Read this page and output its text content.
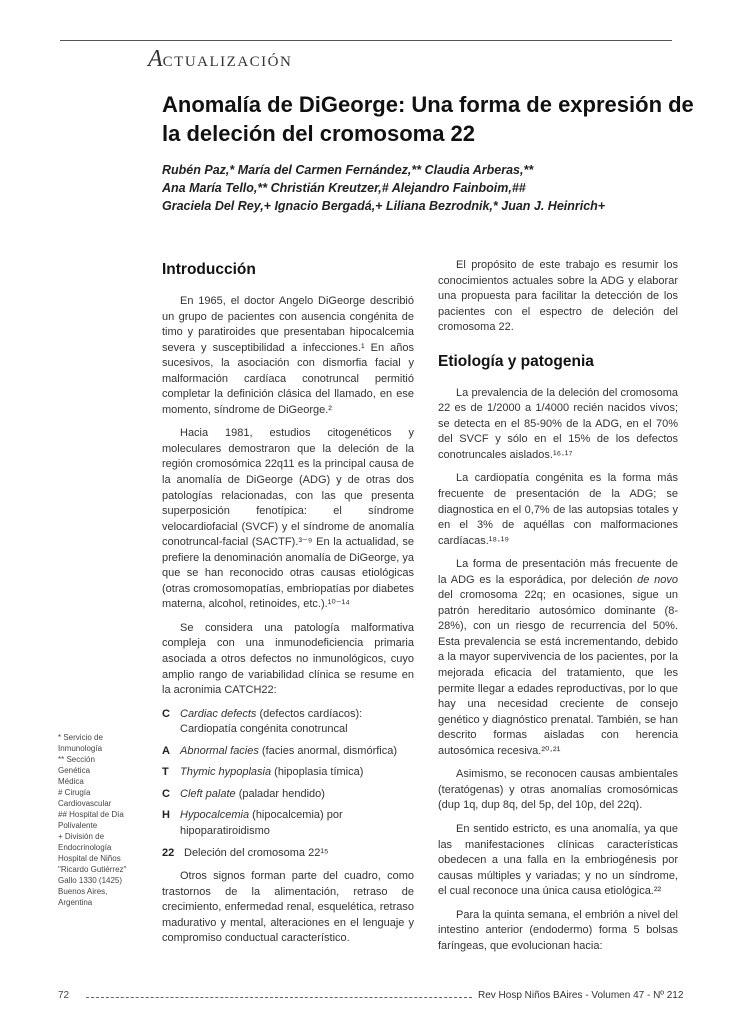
ACTUALIZACIÓN
Anomalía de DiGeorge: Una forma de expresión de la deleción del cromosoma 22
Rubén Paz,* María del Carmen Fernández,** Claudia Arberas,**
Ana María Tello,** Christián Kreutzer,# Alejandro Fainboim,##
Graciela Del Rey,+ Ignacio Bergadá,+ Liliana Bezrodnik,* Juan J. Heinrich+
Introducción

En 1965, el doctor Angelo DiGeorge describió un grupo de pacientes con ausencia congénita de timo y paratiroides que presentaban hipocalcemia severa y susceptibilidad a infecciones.¹ En años sucesivos, la asociación con dismorfia facial y malformación cardíaca conotruncal permitió completar la definición clásica del llamado, en ese momento, síndrome de DiGeorge.²

Hacia 1981, estudios citogenéticos y moleculares demostraron que la deleción de la región cromosómica 22q11 es la principal causa de la anomalía de DiGeorge (ADG) y de otras dos patologías relacionadas, con las que presenta superposición fenotípica: el síndrome velocardiofacial (SVCF) y el síndrome de anomalía conotruncal-facial (SACTF).³⁻⁹ En la actualidad, se prefiere la denominación anomalía de DiGeorge, ya que se han reconocido otras causas etiológicas (otras cromosomopatías, embriopatías por diabetes materna, alcohol, retinoides, etc.).¹⁰⁻¹⁴

Se considera una patología malformativa compleja con una inmunodeficiencia primaria asociada a otros defectos no inmunológicos, cuyo amplio rango de variabilidad clínica se resume en la acronimia CATCH22:

C Cardiac defects (defectos cardíacos): Cardiopatía congénita conotruncal
A Abnormal facies (facies anormal, dismórfica)
T	Thymic hypoplasia (hipoplasia tímica)
C Cleft palate (paladar hendido)
H Hypocalcemia (hipocalcemia) por hipoparatiroidismo
22 Deleción del cromosoma 22¹⁵

Otros signos forman parte del cuadro, como trastornos de la alimentación, retraso de crecimiento, enfermedad renal, esquelética, retraso madurativo y mental, alteraciones en el lenguaje y compromiso conductual característico.

El propósito de este trabajo es resumir los conocimientos actuales sobre la ADG y elaborar una propuesta para facilitar la detección de los pacientes con el espectro de deleción del cromosoma 22.

Etiología y patogenia

La prevalencia de la deleción del cromosoma 22 es de 1/2000 a 1/4000 recién nacidos vivos; se detecta en el 85-90% de la ADG, en el 70% del SVCF y sólo en el 15% de los defectos conotruncales aislados.¹⁶·¹⁷

La cardiopatía congénita es la forma más frecuente de presentación de la ADG; se diagnostica en el 0,7% de las autopsias totales y en el 3% de aquéllas con malformaciones cardíacas.¹⁸·¹⁹

La forma de presentación más frecuente de la ADG es la esporádica, por deleción de novo del cromosoma 22q; en ocasiones, sigue un patrón hereditario autosómico dominante (8-28%), con un riesgo de recurrencia del 50%. Esta prevalencia se está incrementando, debido a la mayor supervivencia de los pacientes, por la mejorada eficacia del tratamiento, que les permite llegar a edades reproductivas, por lo que hay una necesidad creciente de consejo genético y diagnóstico prenatal. También, se han descrito formas aisladas con herencia autosómica recesiva.²⁰·²¹

Asimismo, se reconocen causas ambientales (teratógenas) y otras anomalías cromosómicas (dup 1q, dup 8q, del 5p, del 10p, del 22q).

En sentido estricto, es una anomalía, ya que las manifestaciones clínicas características obedecen a una falla en la embriogénesis por causas múltiples y variadas; y no un síndrome, el cual reconoce una única causa etiológica.²²

Para la quinta semana, el embrión a nivel del intestino anterior (endodermo) forma 5 bolsas faríngeas, que evolucionan hacia:

* Servicio de
Inmunología
** Sección
Genética
Médica
# Cirugía
Cardiovascular
## Hospital de Día
Polivalente
+ División de
Endocrinología
Hospital de Niños
"Ricardo Gutiérrez"
Gallo 1330 (1425)
Buenos Aires,
Argentina
72	Rev Hosp Niños BAires - Volumen 47 - Nº 212
